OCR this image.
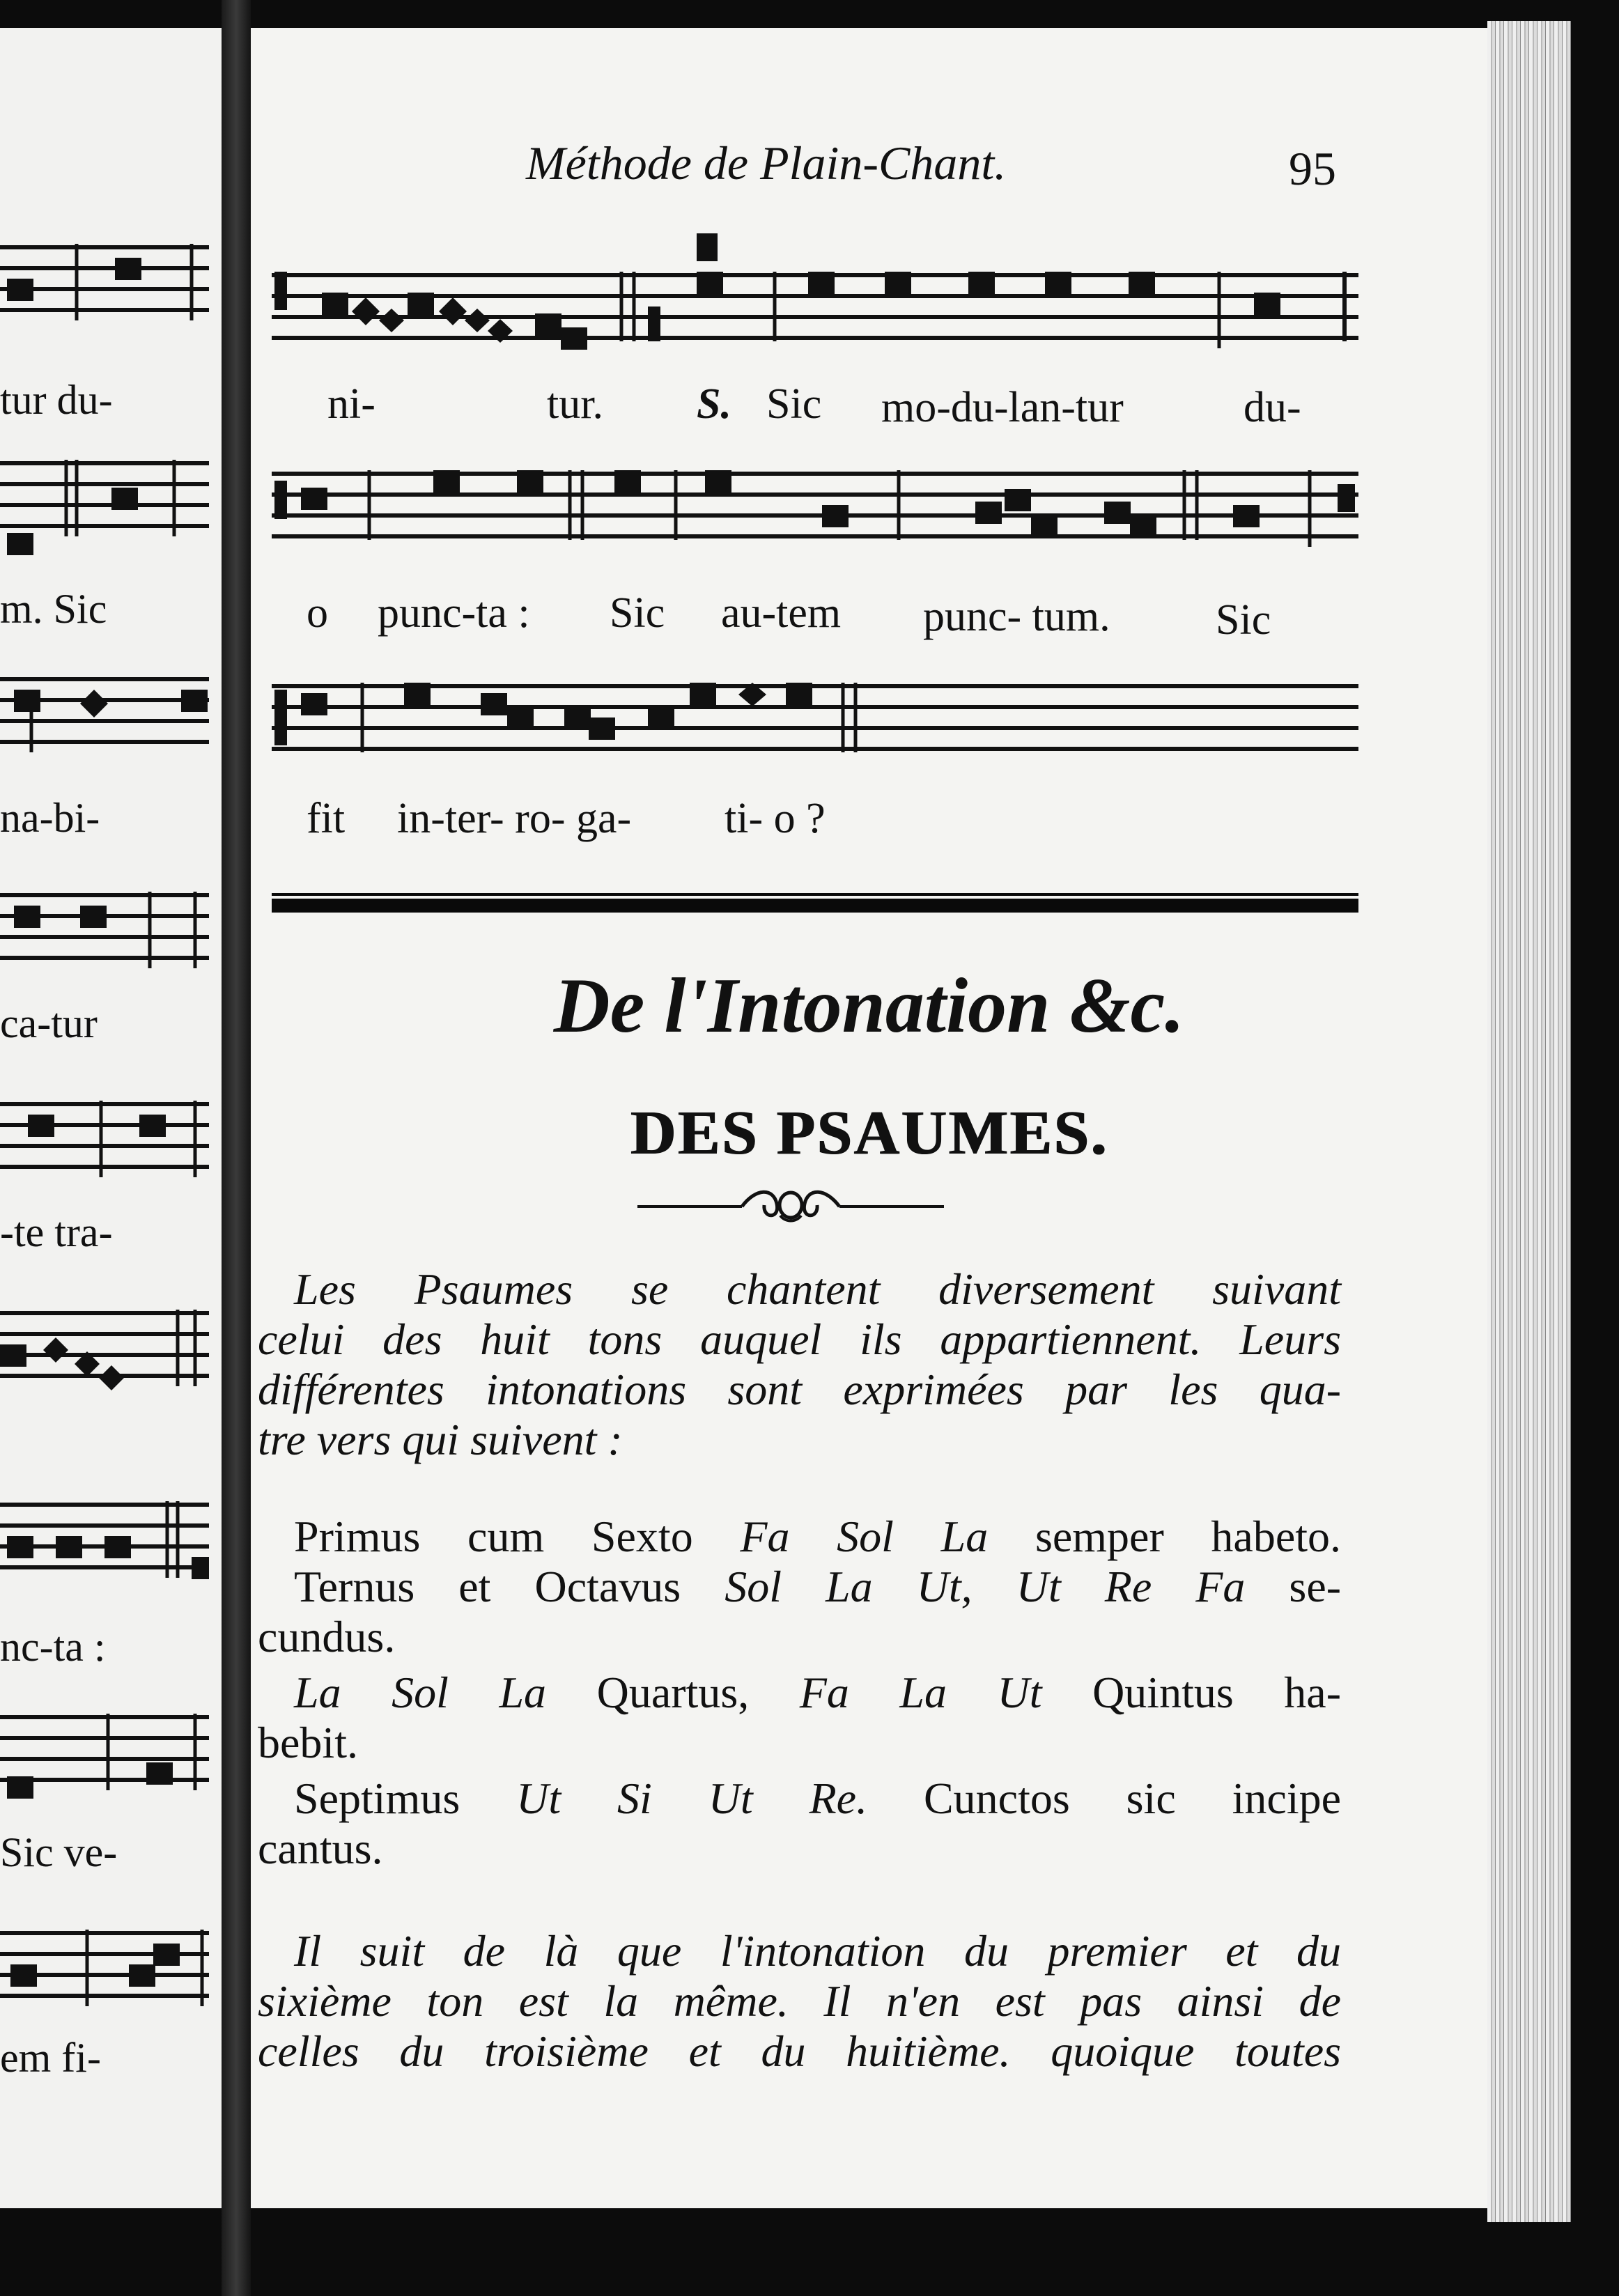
tur du-
m. Sic
na-bi-
ca-tur
-te tra-
nc-ta :
Sic ve-
em fi-
Méthode de Plain-Chant.	95
ni-	tur. S. Sic mo-du-lan-tur	du-
o punc-ta : Sic au-tem punc- tum. Sic
fit in-ter- ro- ga- ti- o ?
De l'Intonation &c.
DES PSAUMES.
Les Psaumes se chantent diversement suivant
celui des huit tons auquel ils appartiennent. Leurs
différentes intonations sont exprimées par les qua-
tre vers qui suivent :
Primus cum Sexto Fa Sol La semper habeto.
Ternus et Octavus Sol La Ut, Ut Re Fa se-
cundus.
La Sol La Quartus, Fa La Ut Quintus ha-
bebit.
Septimus Ut Si Ut Re. Cunctos sic incipe
cantus.
Il suit de là que l'intonation du premier et du
sixième ton est la même. Il n'en est pas ainsi de
celles du troisième et du huitième. quoique toutes
